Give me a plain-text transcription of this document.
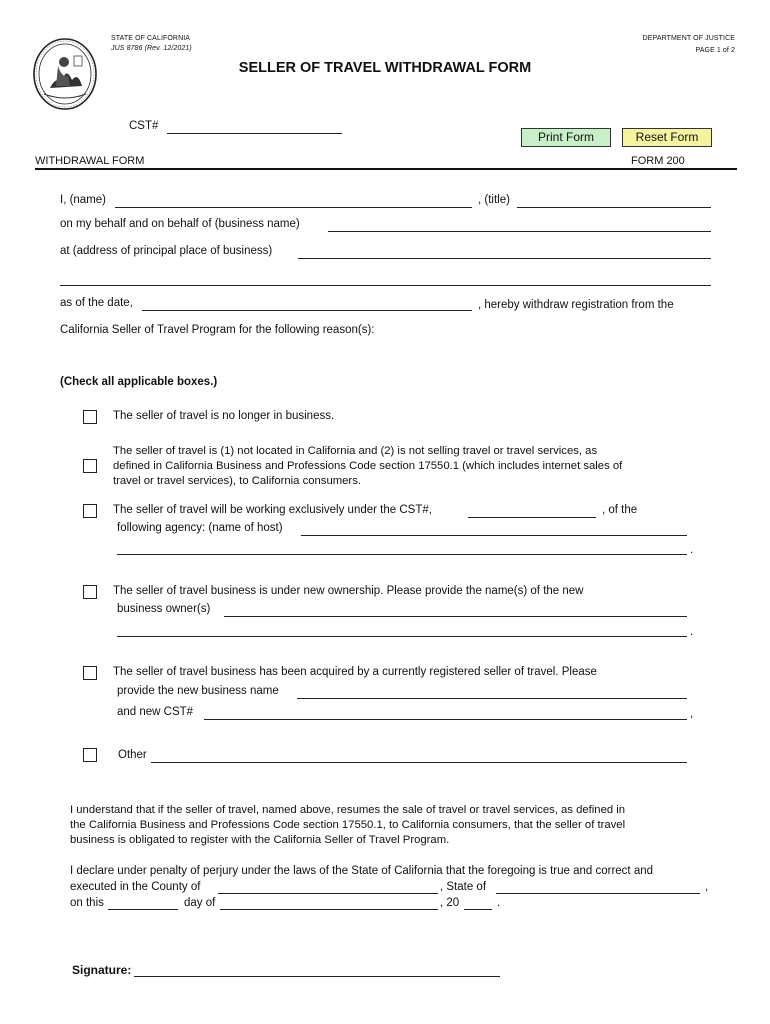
STATE OF CALIFORNIA
JUS 8786 (Rev. 12/2021)
DEPARTMENT OF JUSTICE
PAGE 1 of 2
SELLER OF TRAVEL WITHDRAWAL FORM
CST#
Print Form	Reset Form
WITHDRAWAL FORM	FORM 200
I, (name)	, (title)
on my behalf and on behalf of (business name)
at (address of principal place of business)
as of the date,	, hereby withdraw registration from the
California Seller of Travel Program for the following reason(s):
(Check all applicable boxes.)
The seller of travel is no longer in business.
The seller of travel is (1) not located in California and (2) is not selling travel or travel services, as
defined in California Business and Professions Code section 17550.1 (which includes internet sales of
travel or travel services), to California consumers.
The seller of travel will be working exclusively under the CST#,	, of the
following agency: (name of host)
.
The seller of travel business is under new ownership. Please provide the name(s) of the new
business owner(s)
.
The seller of travel business has been acquired by a currently registered seller of travel. Please
provide the new business name
and new CST#	,
Other
I understand that if the seller of travel, named above, resumes the sale of travel or travel services, as defined in
the California Business and Professions Code section 17550.1, to California consumers, that the seller of travel
business is obligated to register with the California Seller of Travel Program.
I declare under penalty of perjury under the laws of the State of California that the foregoing is true and correct and
executed in the County of	, State of	,
on this	day of	, 20	.
Signature:
